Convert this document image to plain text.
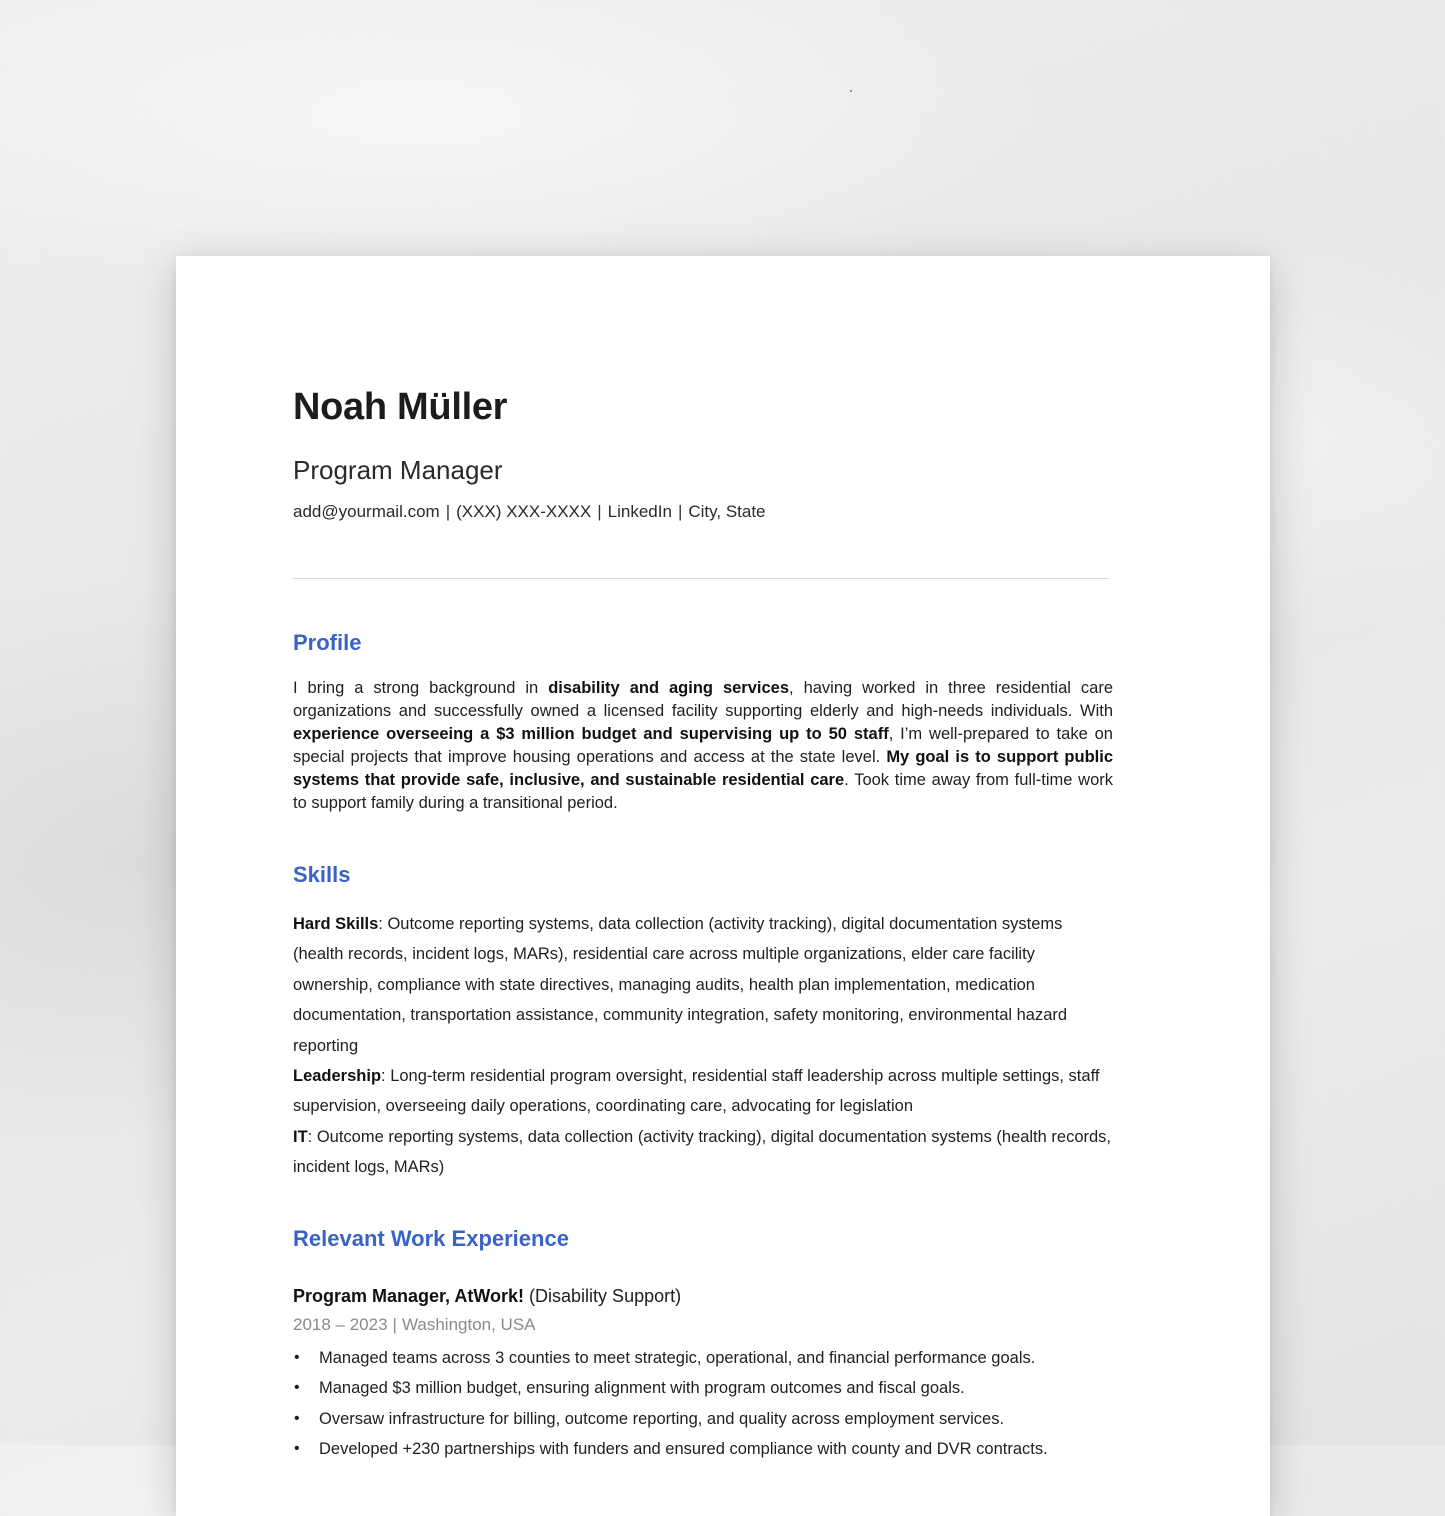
Noah Müller
Program Manager
add@yourmail.com | (XXX) XXX-XXXX | LinkedIn | City, State
Profile
I bring a strong background in disability and aging services, having worked in three residential care organizations and successfully owned a licensed facility supporting elderly and high-needs individuals. With experience overseeing a $3 million budget and supervising up to 50 staff, I’m well-prepared to take on special projects that improve housing operations and access at the state level. My goal is to support public systems that provide safe, inclusive, and sustainable residential care. Took time away from full-time work to support family during a transitional period.
Skills
Hard Skills: Outcome reporting systems, data collection (activity tracking), digital documentation systems (health records, incident logs, MARs), residential care across multiple organizations, elder care facility ownership, compliance with state directives, managing audits, health plan implementation, medication documentation, transportation assistance, community integration, safety monitoring, environmental hazard reporting
Leadership: Long-term residential program oversight, residential staff leadership across multiple settings, staff supervision, overseeing daily operations, coordinating care, advocating for legislation
IT: Outcome reporting systems, data collection (activity tracking), digital documentation systems (health records, incident logs, MARs)
Relevant Work Experience
Program Manager, AtWork! (Disability Support)
2018 – 2023 | Washington, USA
• Managed teams across 3 counties to meet strategic, operational, and financial performance goals.
• Managed $3 million budget, ensuring alignment with program outcomes and fiscal goals.
• Oversaw infrastructure for billing, outcome reporting, and quality across employment services.
• Developed +230 partnerships with funders and ensured compliance with county and DVR contracts.
